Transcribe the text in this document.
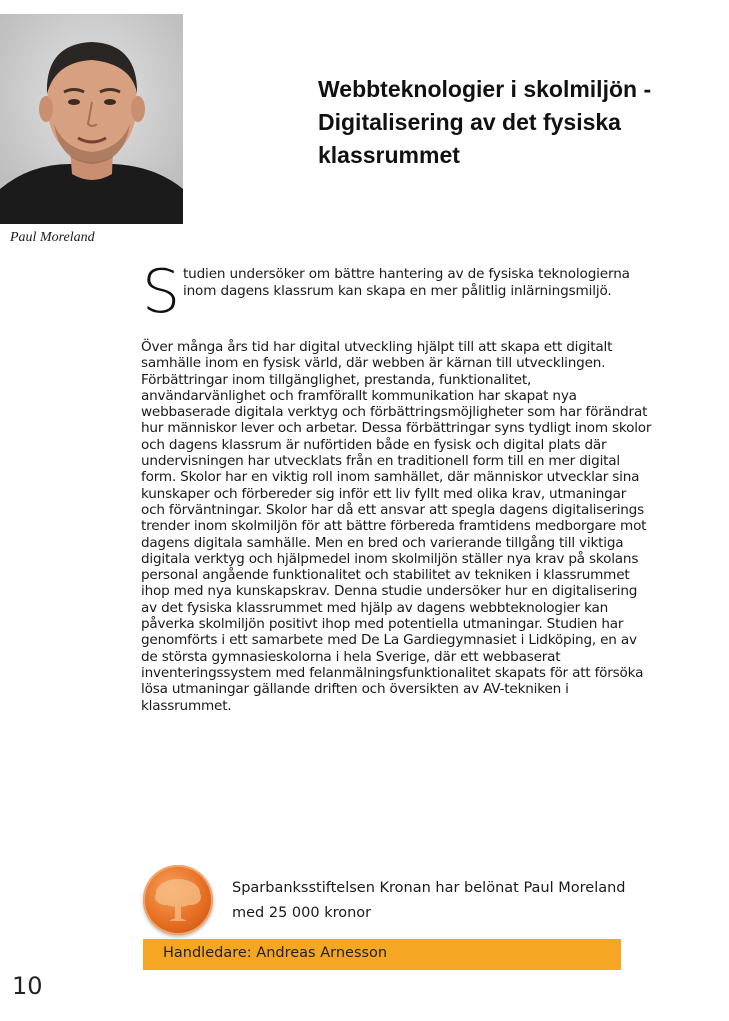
Paul Moreland
Webbteknologier i skolmiljön - Digitalisering av det fysiska klassrummet
Studien undersöker om bättre hantering av de fysiska teknologierna inom dagens klassrum kan skapa en mer pålitlig inlärningsmiljö.

Över många års tid har digital utveckling hjälpt till att skapa ett digitalt samhälle inom en fysisk värld, där webben är kärnan till utvecklingen. Förbättringar inom tillgänglighet, prestanda, funktionalitet, användarvänlighet och framförallt kommunikation har skapat nya webbaserade digitala verktyg och förbättringsmöjligheter som har förändrat hur människor lever och arbetar. Dessa förbättringar syns tydligt inom skolor och dagens klassrum är nuförtiden både en fysisk och digital plats där undervisningen har utvecklats från en traditionell form till en mer digital form. Skolor har en viktig roll inom samhället, där människor utvecklar sina kunskaper och förbereder sig inför ett liv fyllt med olika krav, utmaningar och förväntningar. Skolor har då ett ansvar att spegla dagens digitaliserings trender inom skolmiljön för att bättre förbereda framtidens medborgare mot dagens digitala samhälle. Men en bred och varierande tillgång till viktiga digitala verktyg och hjälpmedel inom skolmiljön ställer nya krav på skolans personal angående funktionalitet och stabilitet av tekniken i klassrummet ihop med nya kunskapskrav. Denna studie undersöker hur en digitalisering av det fysiska klassrummet med hjälp av dagens webbteknologier kan påverka skolmiljön positivt ihop med potentiella utmaningar. Studien har genomförts i ett samarbete med De La Gardiegymnasiet i Lidköping, en av de största gymnasieskolorna i hela Sverige, där ett webbaserat inventeringssystem med felanmälningsfunktionalitet skapats för att försöka lösa utmaningar gällande driften och översikten av AV-tekniken i klassrummet.

Sparbanksstiftelsen Kronan har belönat Paul Moreland med 25 000 kronor

Handledare: Andreas Arnesson
10
